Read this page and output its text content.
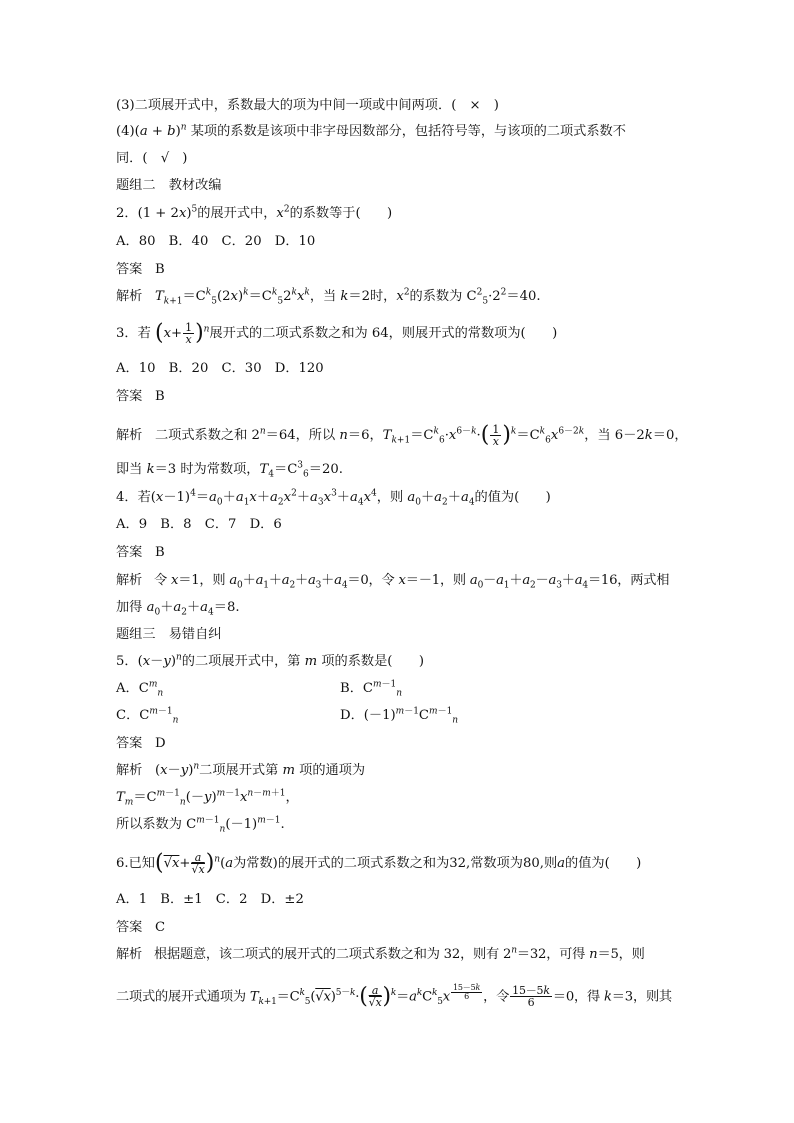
(3)二项展开式中，系数最大的项为中间一项或中间两项．(　×　)
$(4)(a + b)^n$ 某项的系数是该项中非字母因数部分，包括符号等，与该项的二项式系数不
同．(　√　)
题组二　教材改编
2．$(1 + 2x)^5$的展开式中，$x^2$的系数等于(　　)
A．80　B．40　C．20　D．10
答案 B
解析 $T_{k+1}=C^k_5(2x)^k=C^k_52^kx^k$，当 k＝2时，$x^2$的系数为 $C^2_5\cdot 2^2=40$.
3．若 $(x+ \frac{1}{x} )^n$展开式的二项式系数之和为 64，则展开式的常数项为(　　)
A．10　B．20　C．30　D．120
答案 B
解析 二项式系数之和 $2^n=64$，所以 n＝6，$T_{k+1}=C^k_6\cdot x^{6-k}\cdot( \frac{1}{x} )^k=C^k_6x^{6-2k}$，当 6－2k＝0，
即当 k＝3 时为常数项，$T_4=C^3_6=20$.
4．若$(x-1)^4=a_0+a_1x+a_2x^2+a_3x^3+a_4x^4$，则 $a_0+a_2+a_4$的值为(　　)
A．9　B．8　C．7　D．6
答案 B
解析   令 x＝1，则 $a_0+a_1+a_2+a_3+a_4=0$，令 x＝－1，则 $a_0-a_1+a_2-a_3+a_4=16$，两式相
加得 $a_0+a_2+a_4=8$.
题组三　易错自纠
5．$(x-y)^n$的二项展开式中，第 m 项的系数是(　　)
A．$C^m_n$	B．$C^{m-1}_n$
C．$C^{m-1}_n$	D．$(-1)^{m-1}C^{m-1}_n$
答案 D
解析   $(x-y)^n$二项展开式第 m 项的通项为
$T_m=C^{m-1}_n(-y)^{m-1}x^{n-m+1}$，
所以系数为 $C^{m-1}_n(-1)^{m-1}$.
6.已知$(√x+ \frac{a}{√x} )^n(a$为常数)的展开式的二项式系数之和为32,常数项为80,则a的值为(　　)
A．1　B．±1　C．2　D．±2
答案 C
解析 根据题意，该二项式的展开式的二项式系数之和为 32，则有 $2^n=32$，可得 n＝5，则
二项式的展开式通项为 $T_{k+1}=C^k_5(√x)^{5-k}\cdot( \frac{a}{√x} )^k=a^kC^k_5x$ $^{\frac{15-5k}{6}}$ ，令 $\frac{15-5k}{6} =0$，得 k＝3，则其
